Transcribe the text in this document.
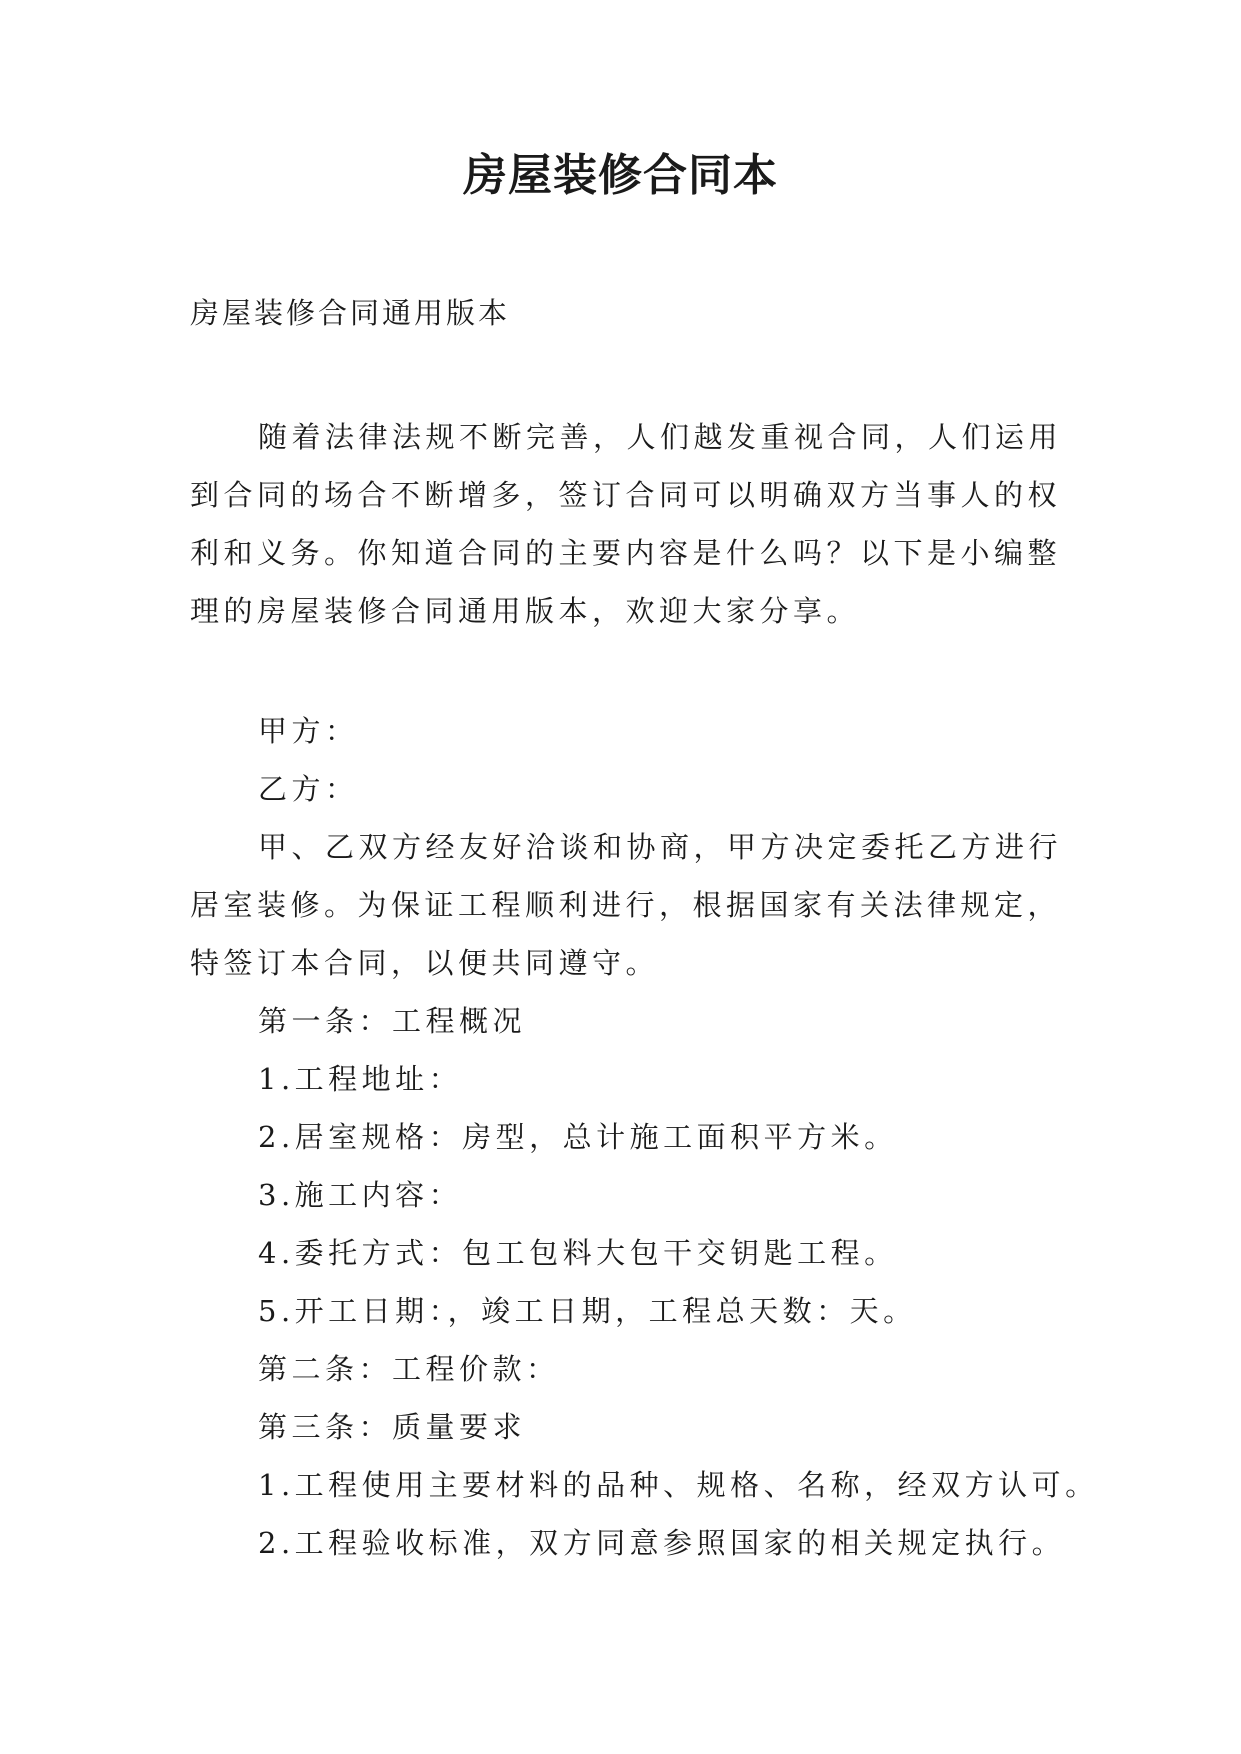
房屋装修合同本
房屋装修合同通用版本

随着法律法规不断完善，人们越发重视合同，人们运用到合同的场合不断增多，签订合同可以明确双方当事人的权利和义务。你知道合同的主要内容是什么吗？以下是小编整理的房屋装修合同通用版本，欢迎大家分享。

甲方：
乙方：

甲、乙双方经友好洽谈和协商，甲方决定委托乙方进行居室装修。为保证工程顺利进行，根据国家有关法律规定，特签订本合同，以便共同遵守。

第一条：工程概况
1.工程地址：
2.居室规格：房型，总计施工面积平方米。
3.施工内容：
4.委托方式：包工包料大包干交钥匙工程。
5.开工日期：，竣工日期，工程总天数：天。
第二条：工程价款：
第三条：质量要求
1.工程使用主要材料的品种、规格、名称，经双方认可。
2.工程验收标准，双方同意参照国家的相关规定执行。
